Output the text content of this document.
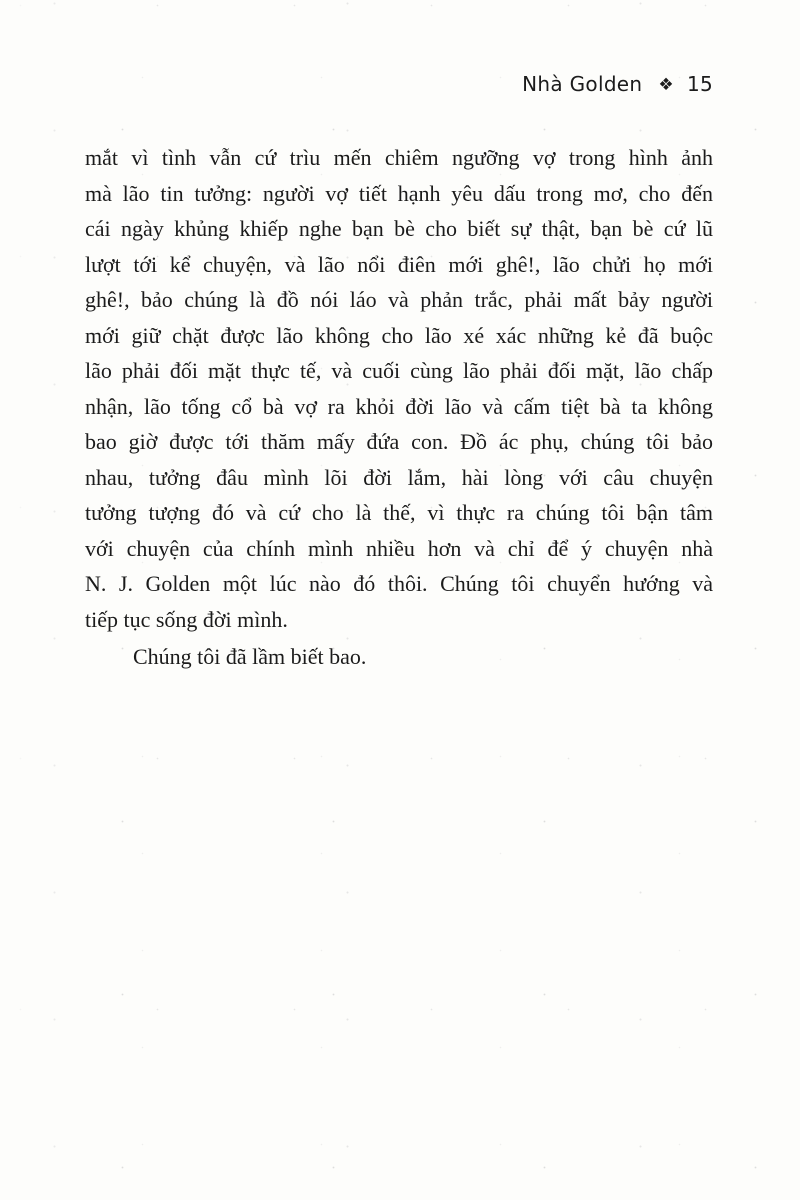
Nhà Golden ❖ 15
mắt vì tình vẫn cứ trìu mến chiêm ngưỡng vợ trong hình ảnh
mà lão tin tưởng: người vợ tiết hạnh yêu dấu trong mơ, cho đến
cái ngày khủng khiếp nghe bạn bè cho biết sự thật, bạn bè cứ lũ
lượt tới kể chuyện, và lão nổi điên mới ghê!, lão chửi họ mới
ghê!, bảo chúng là đồ nói láo và phản trắc, phải mất bảy người
mới giữ chặt được lão không cho lão xé xác những kẻ đã buộc
lão phải đối mặt thực tế, và cuối cùng lão phải đối mặt, lão chấp
nhận, lão tống cổ bà vợ ra khỏi đời lão và cấm tiệt bà ta không
bao giờ được tới thăm mấy đứa con. Đồ ác phụ, chúng tôi bảo
nhau, tưởng đâu mình lõi đời lắm, hài lòng với câu chuyện
tưởng tượng đó và cứ cho là thế, vì thực ra chúng tôi bận tâm
với chuyện của chính mình nhiều hơn và chỉ để ý chuyện nhà
N. J. Golden một lúc nào đó thôi. Chúng tôi chuyển hướng và
tiếp tục sống đời mình.
Chúng tôi đã lầm biết bao.
